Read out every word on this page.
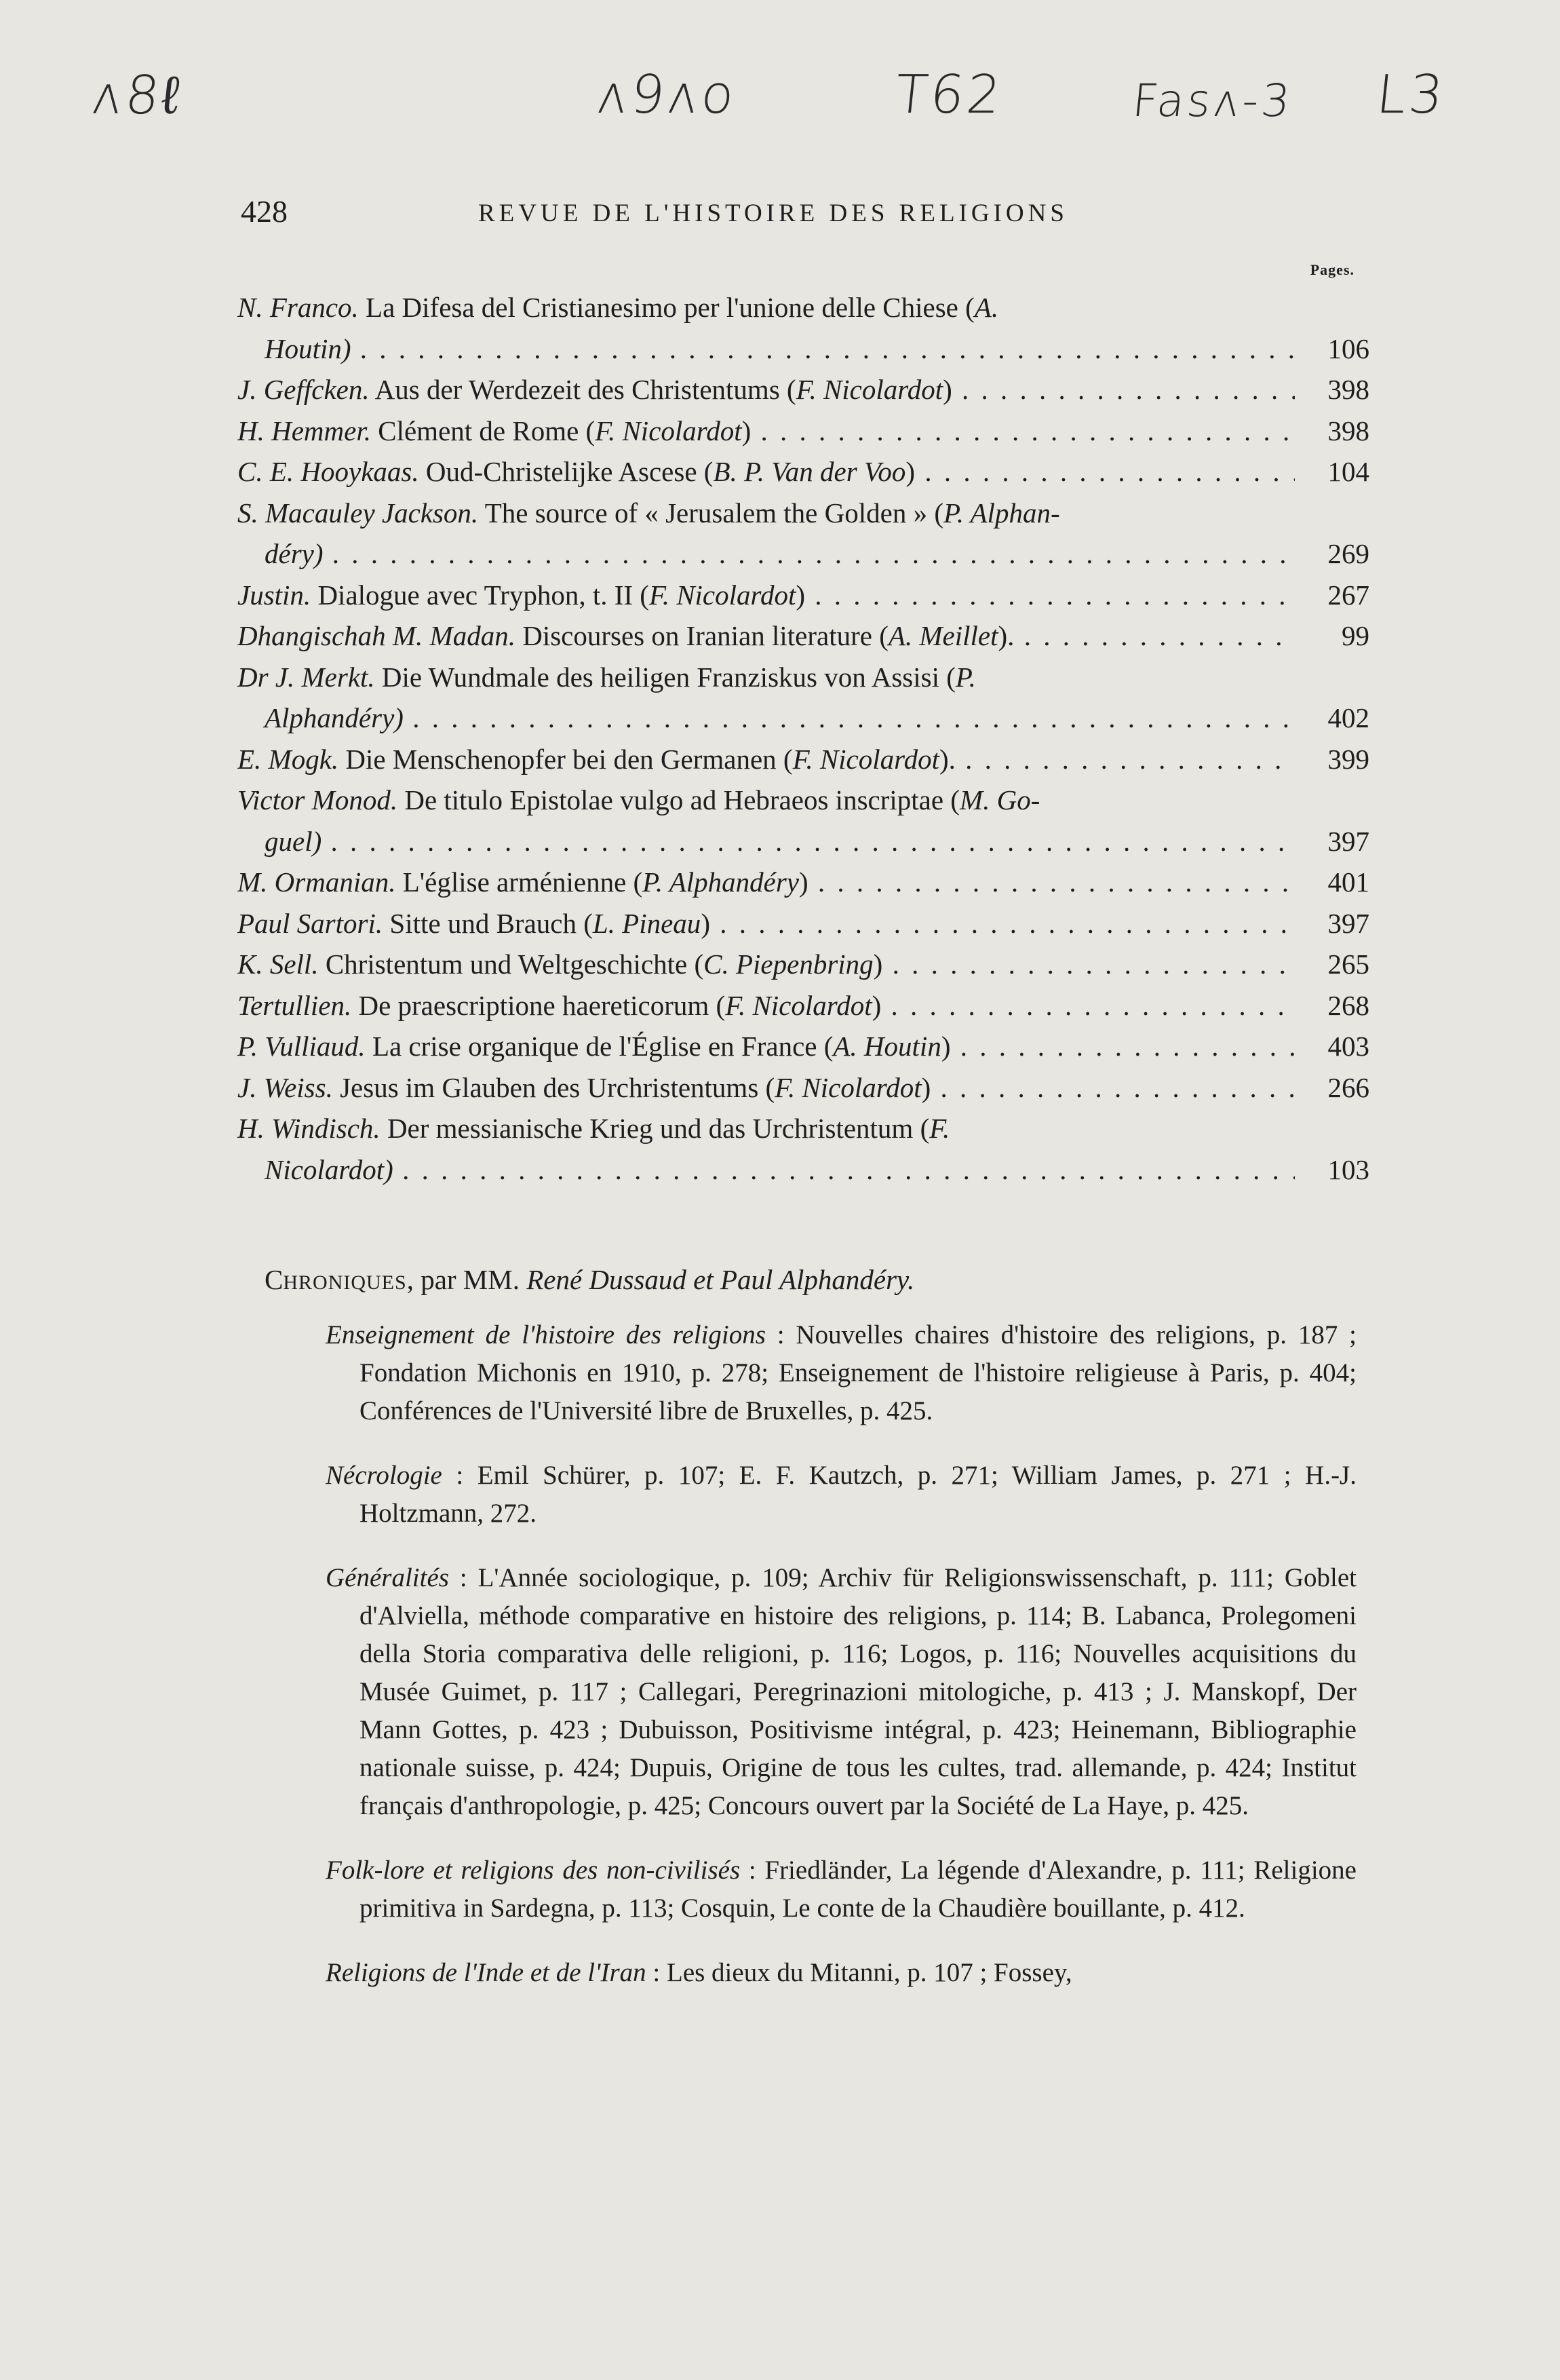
ᴧ8ℓ	ᴧ9ᴧo	T62	Fasᴧ-3 L3
428	REVUE DE L'HISTOIRE DES RELIGIONS
Pages.
N. Franco. La Difesa del Cristianesimo per l'unione delle Chiese (A.
Houtin) . . .	106
J. Geffcken. Aus der Werdezeit des Christentums (F. Nicolardot) . . .	398
H. Hemmer. Clément de Rome (F. Nicolardot) . . .	398
C. E. Hooykaas. Oud-Christelijke Ascese (B. P. Van der Voo) . . .	104
S. Macauley Jackson. The source of « Jerusalem the Golden » (P. Alphan-
déry) . . .	269
Justin. Dialogue avec Tryphon, t. II (F. Nicolardot) . . .	267
Dhangischah M. Madan. Discourses on Iranian literature (A. Meillet). . . .	99
Dr J. Merkt. Die Wundmale des heiligen Franziskus von Assisi (P.
Alphandéry) . . .	402
E. Mogk. Die Menschenopfer bei den Germanen (F. Nicolardot). . . .	399
Victor Monod. De titulo Epistolae vulgo ad Hebraeos inscriptae (M. Go-
guel) . . .	397
M. Ormanian. L'église arménienne (P. Alphandéry) . . .	401
Paul Sartori. Sitte und Brauch (L. Pineau) . . .	397
K. Sell. Christentum und Weltgeschichte (C. Piepenbring) . . .	265
Tertullien. De praescriptione haereticorum (F. Nicolardot) . . .	268
P. Vulliaud. La crise organique de l'Église en France (A. Houtin) . . .	403
J. Weiss. Jesus im Glauben des Urchristentums (F. Nicolardot) . . .	266
H. Windisch. Der messianische Krieg und das Urchristentum (F.
Nicolardot) . . .	103
CHRONIQUES, par MM. René Dussaud et Paul Alphandéry.

Enseignement de l'histoire des religions : Nouvelles chaires d'histoire des religions, p. 187 ; Fondation Michonis en 1910, p. 278; Enseignement de l'histoire religieuse à Paris, p. 404; Conférences de l'Université libre de Bruxelles, p. 425.

Nécrologie : Emil Schürer, p. 107; E. F. Kautzch, p. 271; William James, p. 271 ; H.-J. Holtzmann, 272.

Généralités : L'Année sociologique, p. 109; Archiv für Religionswissenschaft, p. 111; Goblet d'Alviella, méthode comparative en histoire des religions, p. 114; B. Labanca, Prolegomeni della Storia comparativa delle religioni, p. 116; Logos, p. 116; Nouvelles acquisitions du Musée Guimet, p. 117 ; Callegari, Peregrinazioni mitologiche, p. 413 ; J. Manskopf, Der Mann Gottes, p. 423 ; Dubuisson, Positivisme intégral, p. 423; Heinemann, Bibliographie nationale suisse, p. 424; Dupuis, Origine de tous les cultes, trad. allemande, p. 424; Institut français d'anthropologie, p. 425; Concours ouvert par la Société de La Haye, p. 425.

Folk-lore et religions des non-civilisés : Friedländer, La légende d'Alexandre, p. 111; Religione primitiva in Sardegna, p. 113; Cosquin, Le conte de la Chaudière bouillante, p. 412.

Religions de l'Inde et de l'Iran : Les dieux du Mitanni, p. 107 ; Fossey,
